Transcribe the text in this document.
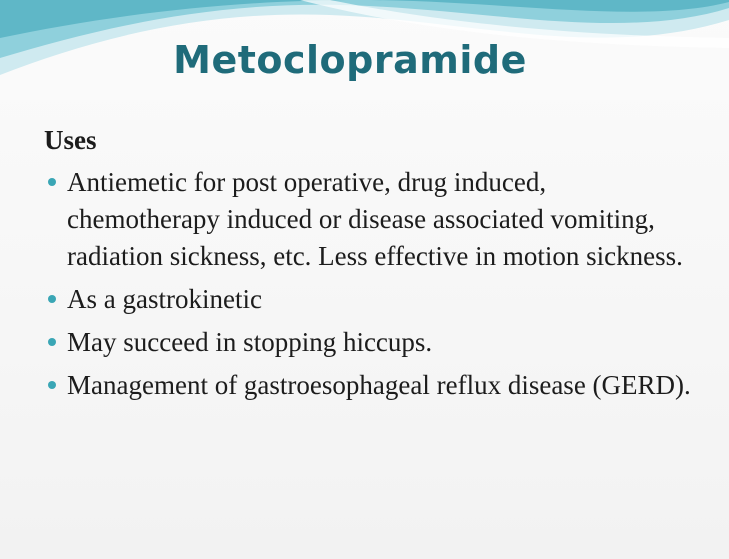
Metoclopramide
Uses
Antiemetic for post operative, drug induced, chemotherapy induced or disease associated vomiting, radiation sickness, etc. Less effective in motion sickness.
As a gastrokinetic
May succeed in stopping hiccups.
Management of gastroesophageal reflux disease (GERD).
